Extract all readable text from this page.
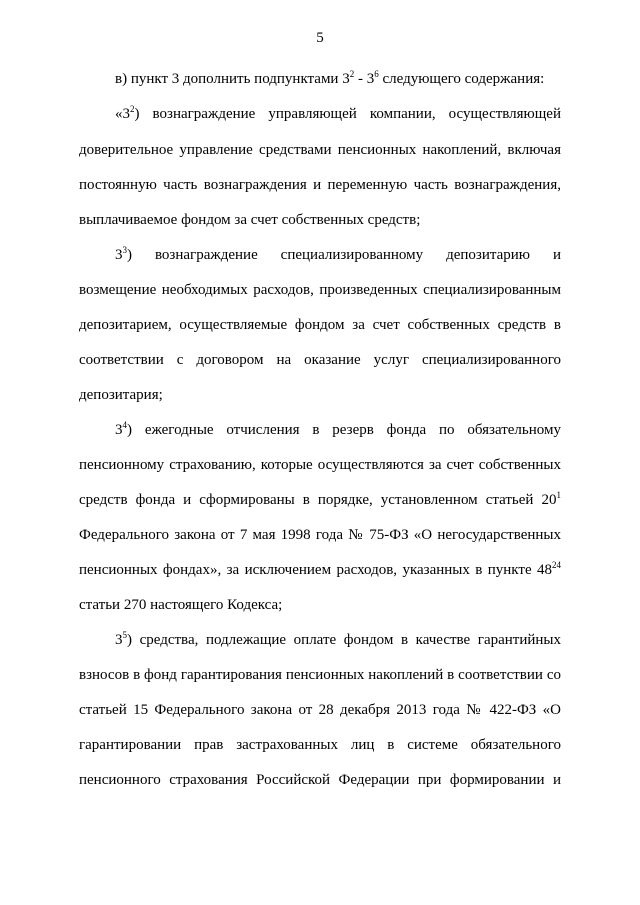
5
в) пункт 3 дополнить подпунктами $3^2 - 3^6$ следующего содержания:
«$3^2$) вознаграждение управляющей компании, осуществляющей
доверительное управление средствами пенсионных накоплений, включая
постоянную часть вознаграждения и переменную часть вознаграждения,
выплачиваемое фондом за счет собственных средств;
$3^3$) вознаграждение специализированному депозитарию и
возмещение необходимых расходов, произведенных специализированным
депозитарием, осуществляемые фондом за счет собственных средств в
соответствии с договором на оказание услуг специализированного
депозитария;
$3^4$) ежегодные отчисления в резерв фонда по обязательному
пенсионному страхованию, которые осуществляются за счет собственных
средств фонда и сформированы в порядке, установленном статьей $20^1$
Федерального закона от 7 мая 1998 года № 75-ФЗ «О негосударственных
пенсионных фондах», за исключением расходов, указанных в пункте $48^{24}$
статьи 270 настоящего Кодекса;
$3^5$) средства, подлежащие оплате фондом в качестве гарантийных
взносов в фонд гарантирования пенсионных накоплений в соответствии со
статьей 15 Федерального закона от 28 декабря 2013 года № 422-ФЗ «О
гарантировании прав застрахованных лиц в системе обязательного
пенсионного страхования Российской Федерации при формировании и
